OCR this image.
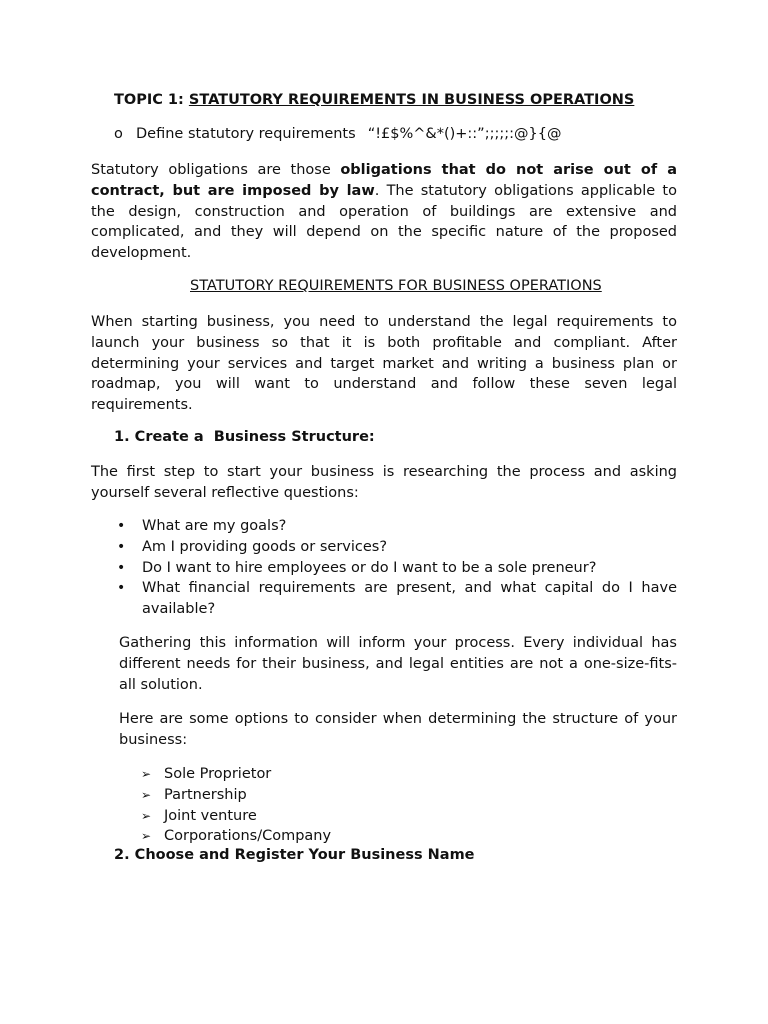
TOPIC 1: STATUTORY REQUIREMENTS IN BUSINESS OPERATIONS
o Define statutory requirements “!£$%^&*()+::”;;;;;:@}{@

Statutory obligations are those obligations that do not arise out of a contract, but are imposed by law. The statutory obligations applicable to the design, construction and operation of buildings are extensive and complicated, and they will depend on the specific nature of the proposed development.

STATUTORY REQUIREMENTS FOR BUSINESS OPERATIONS

When starting business, you need to understand the legal requirements to launch your business so that it is both profitable and compliant. After determining your services and target market and writing a business plan or roadmap, you will want to understand and follow these seven legal requirements.

1. Create a  Business Structure:

The first step to start your business is researching the process and asking yourself several reflective questions:

• What are my goals?
• Am I providing goods or services?
• Do I want to hire employees or do I want to be a sole preneur?
• What financial requirements are present, and what capital do I have available?

Gathering this information will inform your process. Every individual has different needs for their business, and legal entities are not a one-size-fits-all solution.

Here are some options to consider when determining the structure of your business:

➢ Sole Proprietor
➢ Partnership
➢ Joint venture
➢ Corporations/Company
2. Choose and Register Your Business Name
